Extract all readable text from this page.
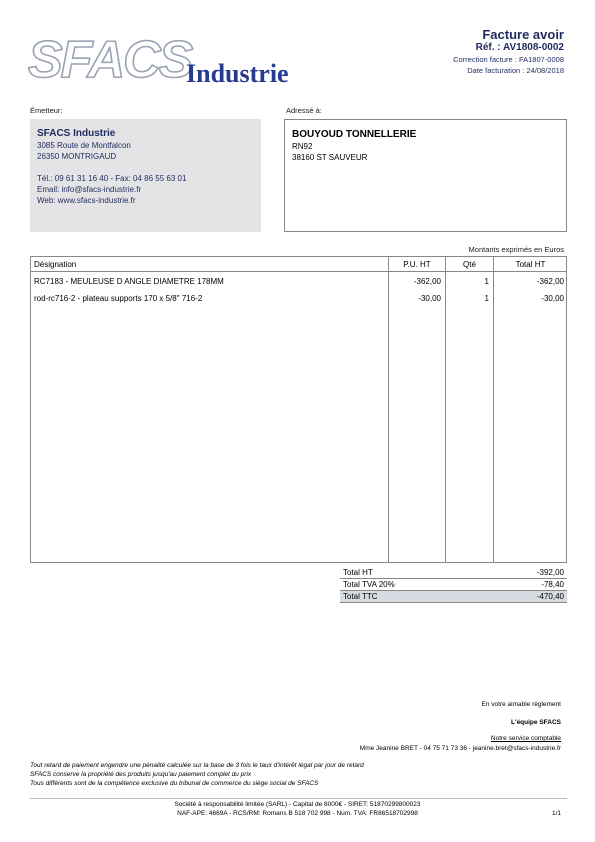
SFACS
Industrie
Facture avoir
Réf. : AV1808-0002
Correction facture : FA1807-0008
Date facturation : 24/08/2018
Émetteur:	Adressé à:
SFACS Industrie
3085 Route de Montfalcon
26350 MONTRIGAUD
Tél.: 09 61 31 16 40 - Fax: 04 86 55 63 01
Email: info@sfacs-industrie.fr
Web: www.sfacs-industrie.fr
BOUYOUD TONNELLERIE
RN92
38160 ST SAUVEUR
Montants exprimés en Euros
Désignation	P.U. HT	Qté	Total HT
RC7183 - MEULEUSE D ANGLE DIAMETRE 178MM	-362,00	1	-362,00
rod-rc716-2 - plateau supports 170 x 5/8" 716-2	-30,00	1	-30,00
Total HT	-392,00
Total TVA 20%	-78,40
Total TTC	-470,40
En votre aimable règlement
L'équipe SFACS
Notre service comptable
Mme Jeanine BRET - 04 75 71 73 36 - jeanine.bret@sfacs-industrie.fr
Tout retard de paiement engendre une pénalité calculée sur la base de 3 fois le taux d'intérêt légal par jour de retard
SFACS conserve la propriété des produits jusqu'au paiement complet du prix
Tous différents sont de la compétence exclusive du tribunal de commerce du siège social de SFACS
Société à responsabilité limitée (SARL) - Capital de 8000€ - SIRET: 51870299800023
NAF-APE: 4669A - RCS/RM: Romans B 518 702 998 - Num. TVA: FR86518702998	1/1
